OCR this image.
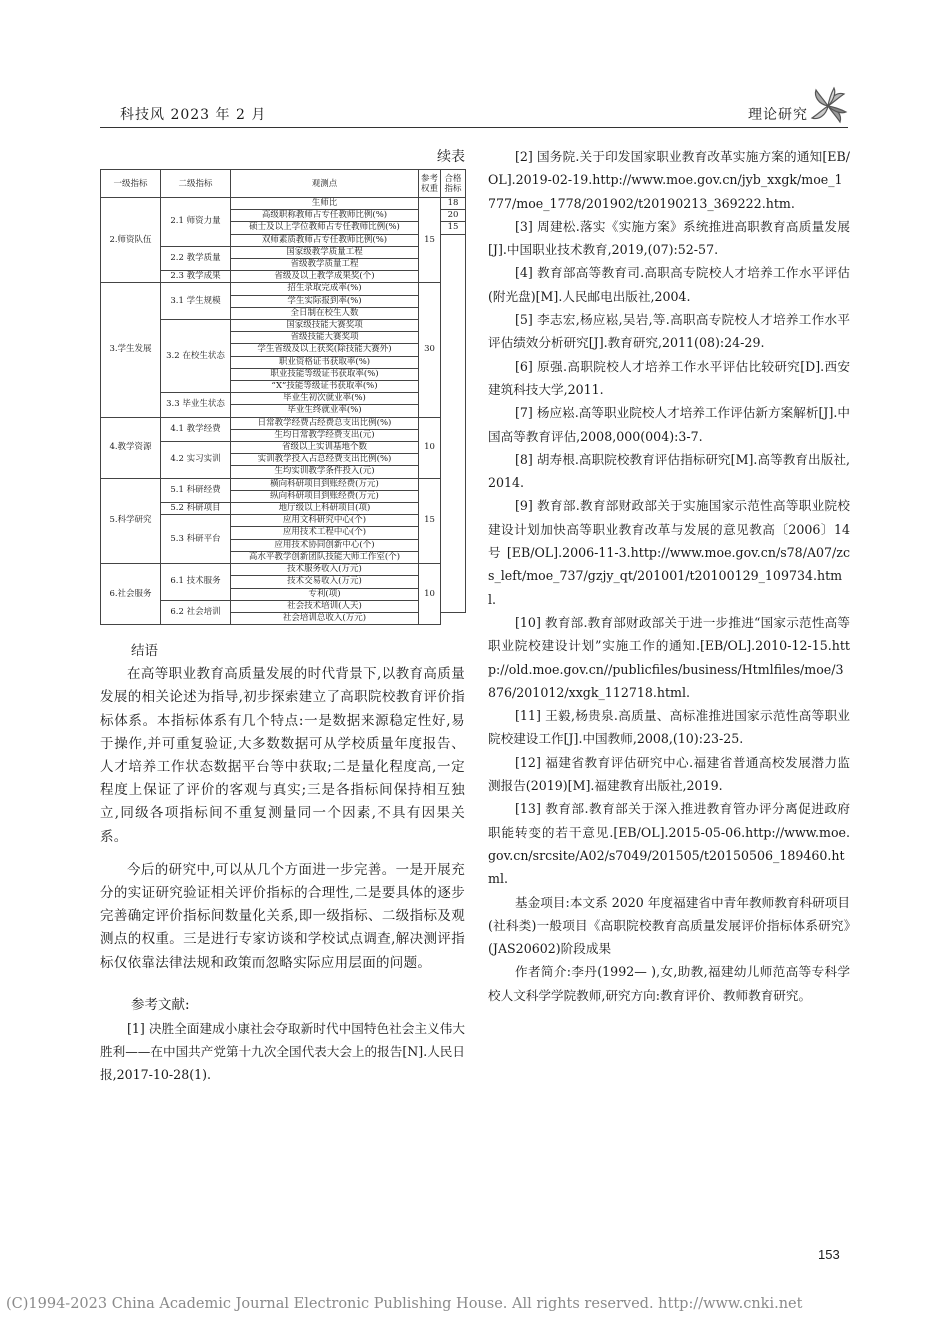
科技风 2023 年 2 月	理论研究
续表
一级指标	二级指标	观测点	参考权重	合格指标
2.师资队伍	2.1 师资力量	生师比	15	18
		高级职称教师占专任教师比例(%)		20
		硕士及以上学位教师占专任教师比例(%)		15
		双师素质教师占专任教师比例(%)		
	2.2 教学质量	国家级教学质量工程		
		省级教学质量工程		
	2.3 教学成果	省级及以上教学成果奖(个)		
3.学生发展	3.1 学生规模	招生录取完成率(%)	30	
		学生实际报到率(%)		
		全日制在校生人数		
	3.2 在校生状态	国家级技能大赛奖项		
		省级技能大赛奖项		
		学生省级及以上获奖(除技能大赛外)		
		职业资格证书获取率(%)		
		职业技能等级证书获取率(%)		
		“X”技能等级证书获取率(%)		
	3.3 毕业生状态	毕业生初次就业率(%)		
		毕业生终就业率(%)		
4.教学资源	4.1 教学经费	日常教学经费占经费总支出比例(%)	10	
		生均日常教学经费支出(元)		
	4.2 实习实训	省级以上实训基地个数		
		实训教学投入占总经费支出比例(%)		
		生均实训教学条件投入(元)		
5.科学研究	5.1 科研经费	横向科研项目到账经费(万元)	15	
		纵向科研项目到账经费(万元)		
	5.2 科研项目	地厅级以上科研项目(项)		
	5.3 科研平台	应用文科研究中心(个)		
		应用技术工程中心(个)		
		应用技术协同创新中心(个)		
		高水平教学创新团队技能大师工作室(个)		
6.社会服务	6.1 技术服务	技术服务收入(万元)	10	
		技术交易收入(万元)		
		专利(项)		
	6.2 社会培训	社会技术培训(人天)		
		社会培训总收入(万元)		
结语

在高等职业教育高质量发展的时代背景下,以教育高质量发展的相关论述为指导,初步探索建立了高职院校教育评价指标体系。本指标体系有几个特点:一是数据来源稳定性好,易于操作,并可重复验证,大多数数据可从学校质量年度报告、人才培养工作状态数据平台等中获取;二是量化程度高,一定程度上保证了评价的客观与真实;三是各指标间保持相互独立,同级各项指标间不重复测量同一个因素,不具有因果关系。

今后的研究中,可以从几个方面进一步完善。一是开展充分的实证研究验证相关评价指标的合理性,二是要具体的逐步完善确定评价指标间数量化关系,即一级指标、二级指标及观测点的权重。三是进行专家访谈和学校试点调查,解决测评指标仅依靠法律法规和政策而忽略实际应用层面的问题。

参考文献:

[1] 决胜全面建成小康社会夺取新时代中国特色社会主义伟大胜利——在中国共产党第十九次全国代表大会上的报告[N].人民日报,2017-10-28(1).

[2] 国务院.关于印发国家职业教育改革实施方案的通知[EB/OL].2019-02-19.http://www.moe.gov.cn/jyb_xxgk/moe_1777/moe_1778/201902/t20190213_369222.htm.

[3] 周建松.落实《实施方案》系统推进高职教育高质量发展[J].中国职业技术教育,2019,(07):52-57.

[4] 教育部高等教育司.高职高专院校人才培养工作水平评估(附光盘)[M].人民邮电出版社,2004.

[5] 李志宏,杨应崧,吴岩,等.高职高专院校人才培养工作水平评估绩效分析研究[J].教育研究,2011(08):24-29.

[6] 原强.高职院校人才培养工作水平评估比较研究[D].西安建筑科技大学,2011.

[7] 杨应崧.高等职业院校人才培养工作评估新方案解析[J].中国高等教育评估,2008,000(004):3-7.

[8] 胡寿根.高职院校教育评估指标研究[M].高等教育出版社,2014.

[9] 教育部.教育部财政部关于实施国家示范性高等职业院校建设计划加快高等职业教育改革与发展的意见教高〔2006〕14号[EB/OL].2006-11-3.http://www.moe.gov.cn/s78/A07/zcs_left/moe_737/gzjy_qt/201001/t20100129_109734.html.

[10] 教育部.教育部财政部关于进一步推进“国家示范性高等职业院校建设计划”实施工作的通知.[EB/OL].2010-12-15.http://old.moe.gov.cn//publicfiles/business/Htmlfiles/moe/3876/201012/xxgk_112718.html.

[11] 王毅,杨贵泉.高质量、高标准推进国家示范性高等职业院校建设工作[J].中国教师,2008,(10):23-25.

[12] 福建省教育评估研究中心.福建省普通高校发展潜力监测报告(2019)[M].福建教育出版社,2019.

[13] 教育部.教育部关于深入推进教育管办评分离促进政府职能转变的若干意见.[EB/OL].2015-05-06.http://www.moe.gov.cn/srcsite/A02/s7049/201505/t20150506_189460.html.

基金项目:本文系 2020 年度福建省中青年教师教育科研项目(社科类)一般项目《高职院校教育高质量发展评价指标体系研究》(JAS20602)阶段成果

作者简介:李丹(1992— ),女,助教,福建幼儿师范高等专科学校人文科学学院教师,研究方向:教育评价、教师教育研究。

153
(C)1994-2023 China Academic Journal Electronic Publishing House. All rights reserved. http://www.cnki.net
